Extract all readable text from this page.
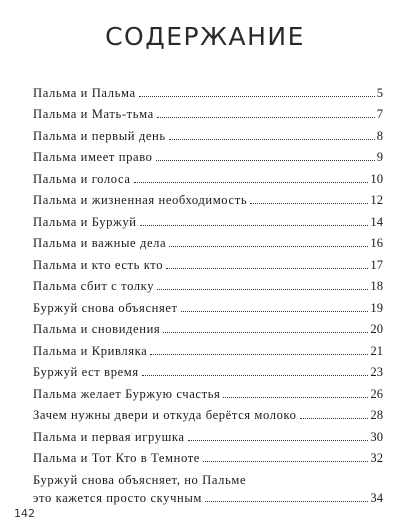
СОДЕРЖАНИЕ
Пальма и Пальма	5
Пальма и Мать-тьма	7
Пальма и первый день	8
Пальма имеет право	9
Пальма и голоса	10
Пальма и жизненная необходимость	12
Пальма и Буржуй	14
Пальма и важные дела	16
Пальма и кто есть кто	17
Пальма сбит с толку	18
Буржуй снова объясняет	19
Пальма и сновидения	20
Пальма и Кривляка	21
Буржуй ест время	23
Пальма желает Буржую счастья	26
Зачем нужны двери и откуда берётся молоко	28
Пальма и первая игрушка	30
Пальма и Тот Кто в Темноте	32
Буржуй снова объясняет, но Пальме
это кажется просто скучным	34
142
